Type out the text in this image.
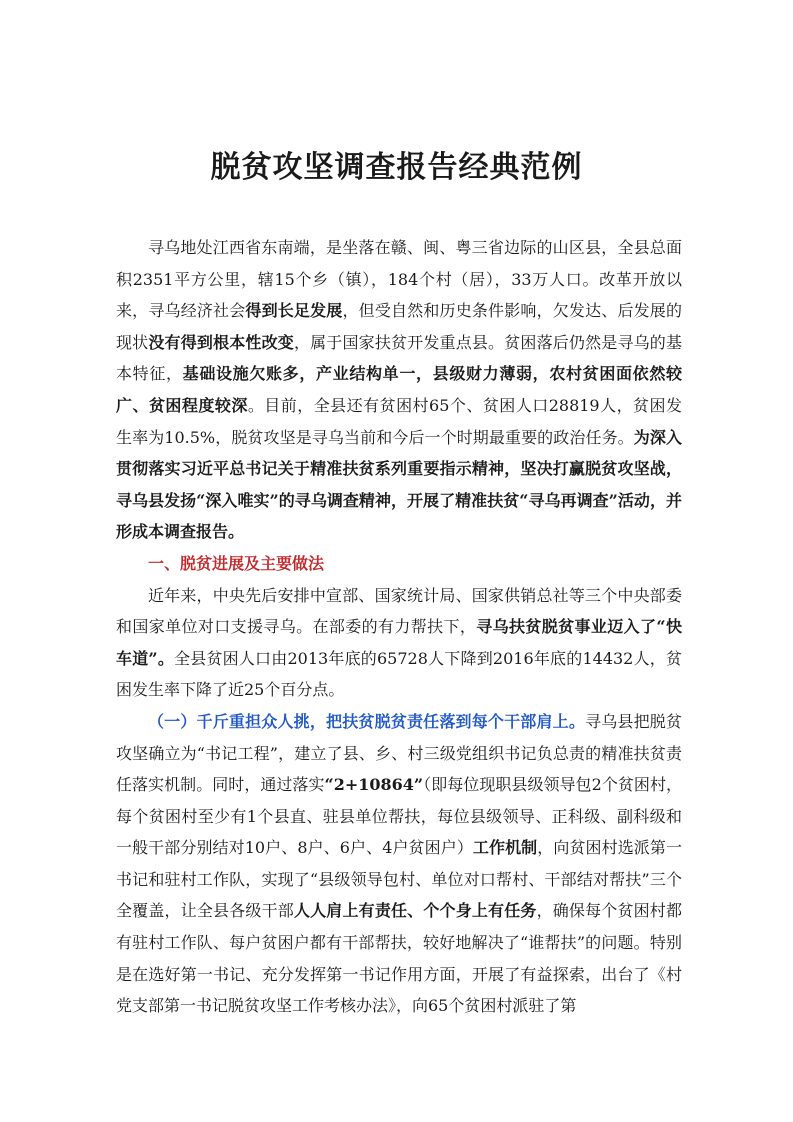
脱贫攻坚调查报告经典范例

寻乌地处江西省东南端，是坐落在赣、闽、粤三省边际的山区县，全县总面积2351平方公里，辖15个乡（镇），184个村（居），33万人口。改革开放以来，寻乌经济社会得到长足发展，但受自然和历史条件影响，欠发达、后发展的现状没有得到根本性改变，属于国家扶贫开发重点县。贫困落后仍然是寻乌的基本特征，基础设施欠账多，产业结构单一，县级财力薄弱，农村贫困面依然较广、贫困程度较深。目前，全县还有贫困村65个、贫困人口28819人，贫困发生率为10.5%，脱贫攻坚是寻乌当前和今后一个时期最重要的政治任务。为深入贯彻落实习近平总书记关于精准扶贫系列重要指示精神，坚决打赢脱贫攻坚战，寻乌县发扬“深入唯实”的寻乌调查精神，开展了精准扶贫“寻乌再调查”活动，并形成本调查报告。

一、脱贫进展及主要做法

近年来，中央先后安排中宣部、国家统计局、国家供销总社等三个中央部委和国家单位对口支援寻乌。在部委的有力帮扶下，寻乌扶贫脱贫事业迈入了“快车道”。全县贫困人口由2013年底的65728人下降到2016年底的14432人，贫困发生率下降了近25个百分点。

（一）千斤重担众人挑，把扶贫脱贫责任落到每个干部肩上。寻乌县把脱贫攻坚确立为“书记工程”，建立了县、乡、村三级党组织书记负总责的精准扶贫责任落实机制。同时，通过落实“2+10864”（即每位现职县级领导包2个贫困村，每个贫困村至少有1个县直、驻县单位帮扶，每位县级领导、正科级、副科级和一般干部分别结对10户、8户、6户、4户贫困户）工作机制，向贫困村选派第一书记和驻村工作队，实现了“县级领导包村、单位对口帮村、干部结对帮扶”三个全覆盖，让全县各级干部人人肩上有责任、个个身上有任务，确保每个贫困村都有驻村工作队、每户贫困户都有干部帮扶，较好地解决了“谁帮扶”的问题。特别是在选好第一书记、充分发挥第一书记作用方面，开展了有益探索，出台了《村党支部第一书记脱贫攻坚工作考核办法》，向65个贫困村派驻了第
